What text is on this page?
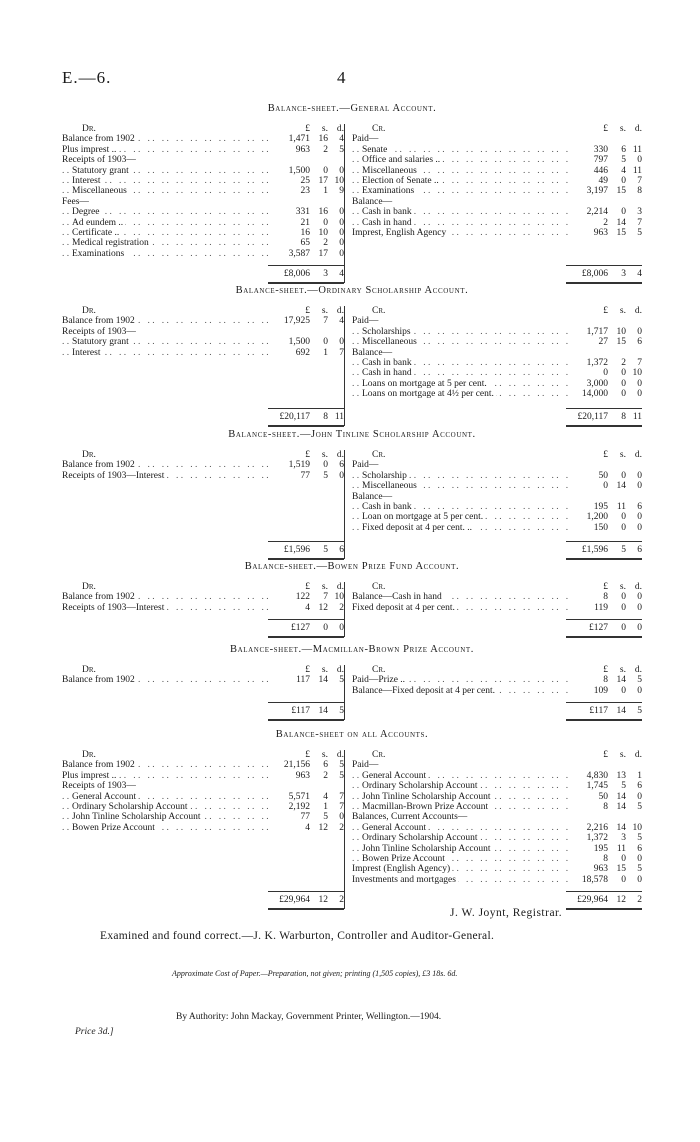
E.—6.	4
Balance-sheet.—General Account.
Dr.	£	s. d.
Balance from 1902 . .	1,471 16	4
Plus imprest .. . .	963	2	5
Receipts of 1903—
Statutory grant . .	1,500	0	0
Interest . .	25 17 10
Miscellaneous . .	23	1	9
Fees—
Degree . .	331 16	0
Ad eundem .. . .	21	0	0
Certificate .. . .	16 10	0
Medical registration . .	65	2	0
Examinations . .	3,587 17	0
Cr.	£	s. d.
Paid—
Senate . .	330	6 11
Office and salaries .. . .	797	5	0
Miscellaneous . .	446	4 11
Election of Senate .. . .	49	0	7
Examinations . .	3,197 15	8
Balance—
Cash in bank . .	2,214	0	3
Cash in hand . .	2 14	7
Imprest, English Agency . .	963 15	5
£8,006	3	4	£8,006	3	4
Balance-sheet.—Ordinary Scholarship Account.
Dr.	£	s. d.
Balance from 1902 . .	17,925	7	4
Receipts of 1903—
Statutory grant . .	1,500	0	0
Interest . .	692	1	7
Cr.	£	s. d.
Paid—
Scholarships . .	1,717 10	0
Miscellaneous . .	27 15	6
Balance—
Cash in bank . .	1,372	2	7
Cash in hand . .	0	0 10
Loans on mortgage at 5 per cent. . .	3,000	0	0
Loans on mortgage at 4½ per cent. . .	14,000	0	0
£20,117	8 11	£20,117	8 11
Balance-sheet.—John Tinline Scholarship Account.
Dr.	£	s. d.
Balance from 1902 . .	1,519	0	6
Receipts of 1903—Interest . .	77	5	0
Cr.	£	s. d.
Paid—
Scholarship . .	50	0	0
Miscellaneous . .	0 14	0
Balance—
Cash in bank . .	195 11	6
Loan on mortgage at 5 per cent. . .	1,200	0	0
Fixed deposit at 4 per cent. .. . .	150	0	0
£1,596	5	6	£1,596	5	6
Balance-sheet.—Bowen Prize Fund Account.
Dr.	£	s. d.
Balance from 1902 . .	122	7 10
Receipts of 1903—Interest . .	4 12	2
Cr.	£	s. d.
Balance—Cash in hand . .	8	0	0
Fixed deposit at 4 per cent. . .	119	0	0
£127	0	0	£127	0	0
Balance-sheet.—Macmillan-Brown Prize Account.
Dr.	£	s. d.
Balance from 1902 . .	117 14	5
Cr.	£	s. d.
Paid—Prize .. . .	8 14	5
Balance—Fixed deposit at 4 per cent. . .	109	0	0
£117 14	5	£117 14	5
Balance-sheet on all Accounts.
Dr.	£	s. d.
Balance from 1902 . .	21,156	6	5
Plus imprest .. . .	963	2	5
Receipts of 1903—
General Account . .	5,571	4	7
Ordinary Scholarship Account . .	2,192	1	7
John Tinline Scholarship Account . .	77	5	0
Bowen Prize Account . .	4 12	2
Cr.	£	s. d.
Paid—
General Account . .	4,830 13	1
Ordinary Scholarship Account . .	1,745	5	6
John Tinline Scholarship Account . .	50 14	0
Macmillan-Brown Prize Account . .	8 14	5
Balances, Current Accounts—
General Account . .	2,216 14 10
Ordinary Scholarship Account . .	1,372	3	5
John Tinline Scholarship Account . .	195 11	6
Bowen Prize Account . .	8	0	0
Imprest (English Agency) . .	963 15	5
Investments and mortgages . .	18,578	0	0
£29,964 12	2	£29,964 12	2
J. W. Joynt, Registrar.
Examined and found correct.—J. K. Warburton, Controller and Auditor-General.
Approximate Cost of Paper.—Preparation, not given; printing (1,505 copies), £3 18s. 6d.
By Authority: John Mackay, Government Printer, Wellington.—1904.
Price 3d.]
